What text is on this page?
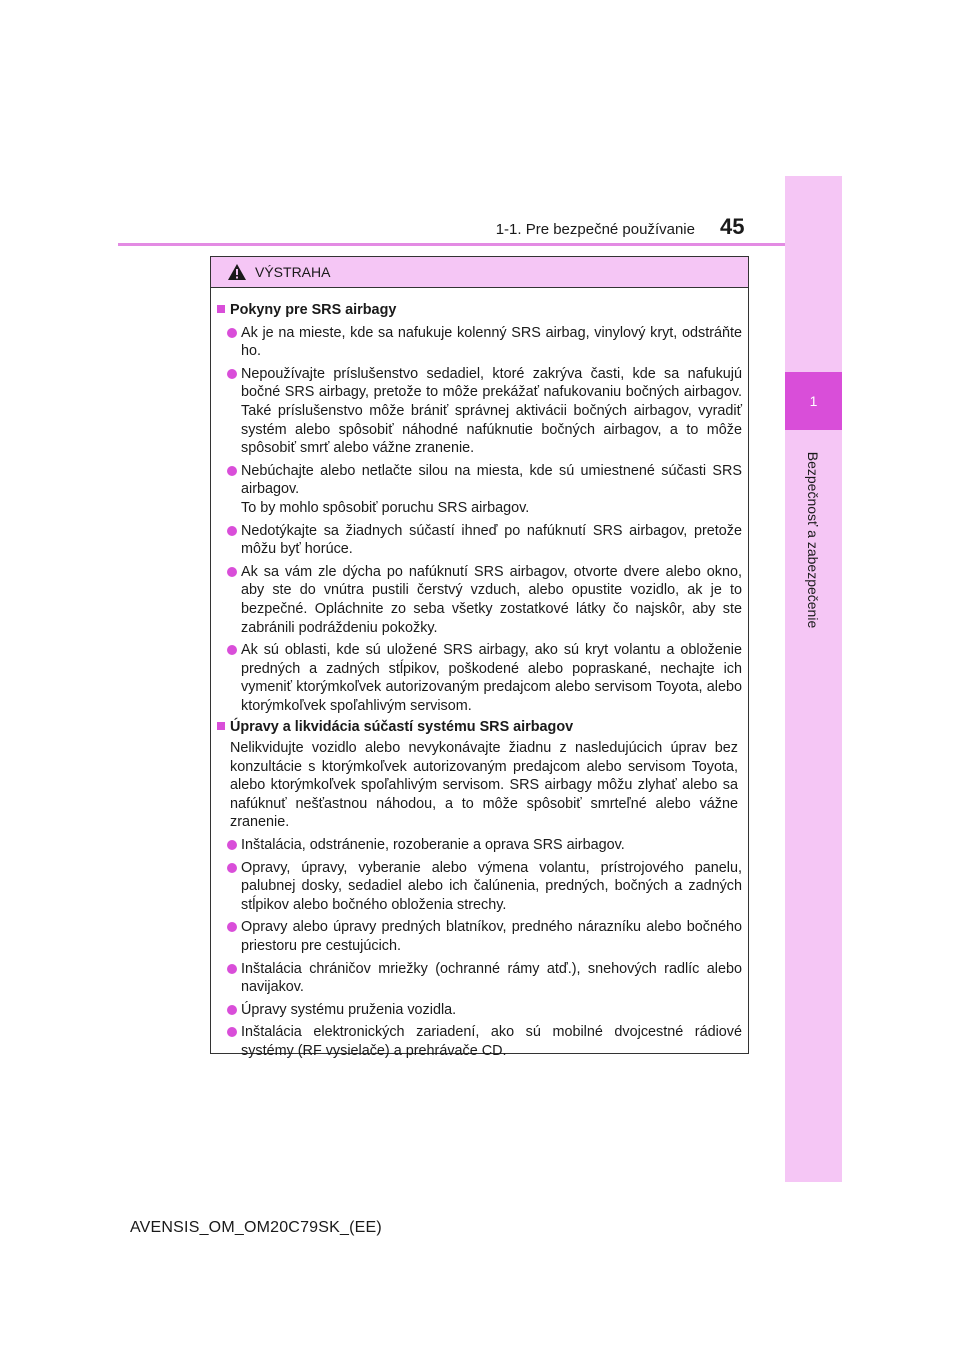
1
Bezpečnosť a zabezpečenie
1-1. Pre bezpečné používanie 45
VÝSTRAHA
Pokyny pre SRS airbagy
Ak je na mieste, kde sa nafukuje kolenný SRS airbag, vinylový kryt, odstráňte ho.
Nepoužívajte príslušenstvo sedadiel, ktoré zakrýva časti, kde sa nafukujú bočné SRS airbagy, pretože to môže prekážať nafukovaniu bočných airbagov. Také príslušenstvo môže brániť správnej aktivácii bočných airbagov, vyradiť systém alebo spôsobiť náhodné nafúknutie bočných airbagov, a to môže spôsobiť smrť alebo vážne zranenie.
Nebúchajte alebo netlačte silou na miesta, kde sú umiestnené súčasti SRS airbagov.
To by mohlo spôsobiť poruchu SRS airbagov.
Nedotýkajte sa žiadnych súčastí ihneď po nafúknutí SRS airbagov, pretože môžu byť horúce.
Ak sa vám zle dýcha po nafúknutí SRS airbagov, otvorte dvere alebo okno, aby ste do vnútra pustili čerstvý vzduch, alebo opustite vozidlo, ak je to bezpečné. Opláchnite zo seba všetky zostatkové látky čo najskôr, aby ste zabránili podráždeniu pokožky.
Ak sú oblasti, kde sú uložené SRS airbagy, ako sú kryt volantu a obloženie predných a zadných stĺpikov, poškodené alebo popraskané, nechajte ich vymeniť ktorýmkoľvek autorizovaným predajcom alebo servisom Toyota, alebo ktorýmkoľvek spoľahlivým servisom.
Úpravy a likvidácia súčastí systému SRS airbagov
Nelikvidujte vozidlo alebo nevykonávajte žiadnu z nasledujúcich úprav bez konzultácie s ktorýmkoľvek autorizovaným predajcom alebo servisom Toyota, alebo ktorýmkoľvek spoľahlivým servisom. SRS airbagy môžu zlyhať alebo sa nafúknuť nešťastnou náhodou, a to môže spôsobiť smrteľné alebo vážne zranenie.
Inštalácia, odstránenie, rozoberanie a oprava SRS airbagov.
Opravy, úpravy, vyberanie alebo výmena volantu, prístrojového panelu, palubnej dosky, sedadiel alebo ich čalúnenia, predných, bočných a zadných stĺpikov alebo bočného obloženia strechy.
Opravy alebo úpravy predných blatníkov, predného nárazníku alebo bočného priestoru pre cestujúcich.
Inštalácia chráničov mriežky (ochranné rámy atď.), snehových radlíc alebo navijakov.
Úpravy systému pruženia vozidla.
Inštalácia elektronických zariadení, ako sú mobilné dvojcestné rádiové systémy (RF vysielače) a prehrávače CD.
AVENSIS_OM_OM20C79SK_(EE)
